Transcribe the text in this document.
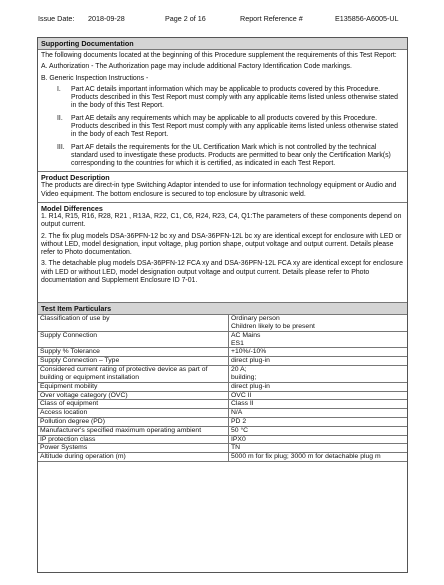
Issue Date: 2018-09-28	Page 2 of 16	Report Reference #	E135856-A6005-UL
Supporting Documentation

The following documents located at the beginning of this Procedure supplement the requirements of this Test Report:

A. Authorization - The Authorization page may include additional Factory Identification Code markings.

B. Generic Inspection Instructions -

I. Part AC details important information which may be applicable to products covered by this Procedure. Products described in this Test Report must comply with any applicable items listed unless otherwise stated in the body of this Test Report.
II. Part AE details any requirements which may be applicable to all products covered by this Procedure. Products described in this Test Report must comply with any applicable items listed unless otherwise stated in the body of each Test Report.
III. Part AF details the requirements for the UL Certification Mark which is not controlled by the technical standard used to investigate these products. Products are permitted to bear only the Certification Mark(s) corresponding to the countries for which it is certified, as indicated in each Test Report.
Product Description

The products are direct-in type Switching Adaptor intended to use for information technology equipment or Audio and Video equipment. The bottom enclosure is secured to top enclosure by ultrasonic weld.

Model Differences

1. R14, R15, R16, R28, R21 , R13A, R22, C1, C6, R24, R23, C4, Q1:The parameters of these components depend on output current.

2. The fix plug models DSA-36PFN-12 bc xy and DSA-36PFN-12L bc xy are identical except for enclosure with LED or without LED, model designation, input voltage, plug portion shape, output voltage and output current. Details please refer to Photo documentation.

3. The detachable plug models DSA-36PFN-12 FCA xy and DSA-36PFN-12L FCA xy are identical except for enclosure with LED or without LED, model designation output voltage and output current. Details please refer to Photo documentation and Supplement Enclosure ID 7-01.

Test Item Particulars
Classification of use by	Ordinary person
Children likely to be present

Supply Connection	AC Mains
ES1

Supply % Tolerance	+10%/-10%

Supply Connection – Type	direct plug-in

Considered current rating of protective device as part of building or equipment installation	20 A;
building;

Equipment mobility	direct plug-in

Over voltage category (OVC)	OVC II

Class of equipment	Class II

Access location	N/A

Pollution degree (PD)	PD 2

Manufacturer's specified maximum operating ambient	50 °C

IP protection class	IPX0

Power Systems	TN

Altitude during operation (m)	5000 m for fix plug; 3000 m for detachable plug m
